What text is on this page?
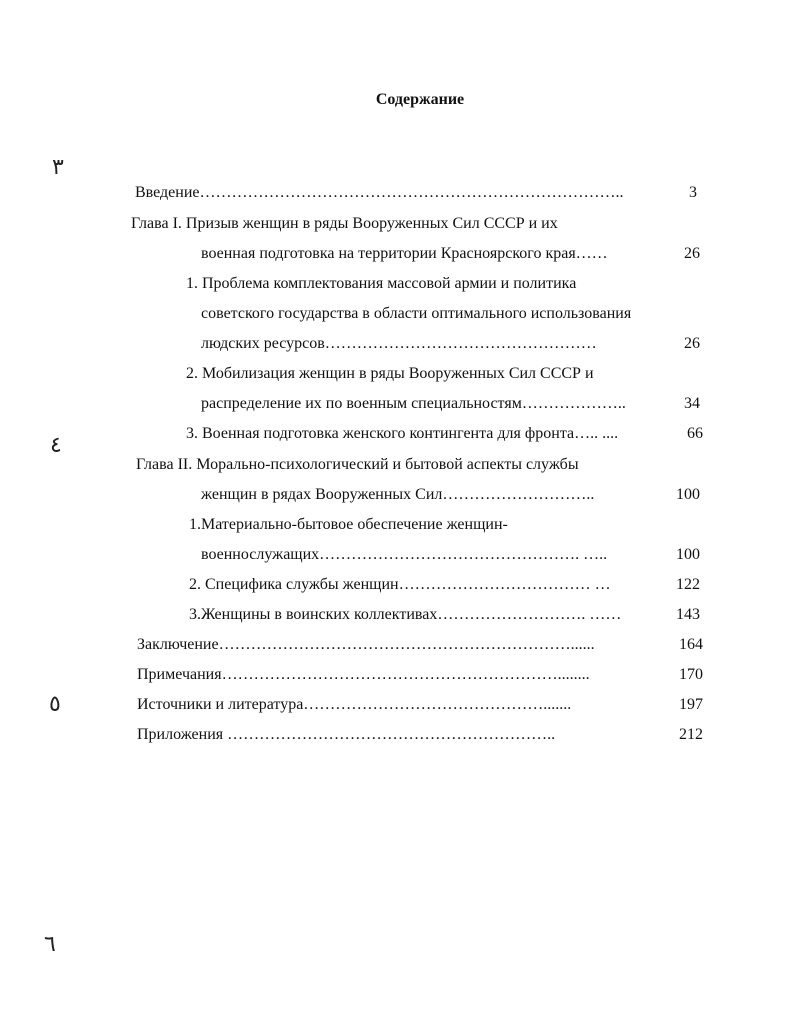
Содержание
Введение……………………………………………………………………..	3
Глава I. Призыв женщин в ряды Вооруженных Сил СССР и их
военная подготовка на территории Красноярского края……	26
1. Проблема комплектования массовой армии и политика
советского государства в области оптимального использования
людских ресурсов……………………………………………	26
2. Мобилизация женщин в ряды Вооруженных Сил СССР и
распределение их по военным специальностям………………..	34
3. Военная подготовка женского контингента для фронта….. ....	66
Глава II. Морально-психологический и бытовой аспекты службы
женщин в рядах Вооруженных Сил………………………..	100
1.Материально-бытовое обеспечение женщин-
военнослужащих…………………………………………. …..	100
2. Специфика службы женщин……………………………… …	122
3.Женщины в воинских коллективах………………………. ……	143
Заключение…………………………………………………………......	164
Примечания………………………………………………………........	170
Источники и литература……………………………………….......	197
Приложения ……………………………………………………..	212
٣
٤
٥
٦
